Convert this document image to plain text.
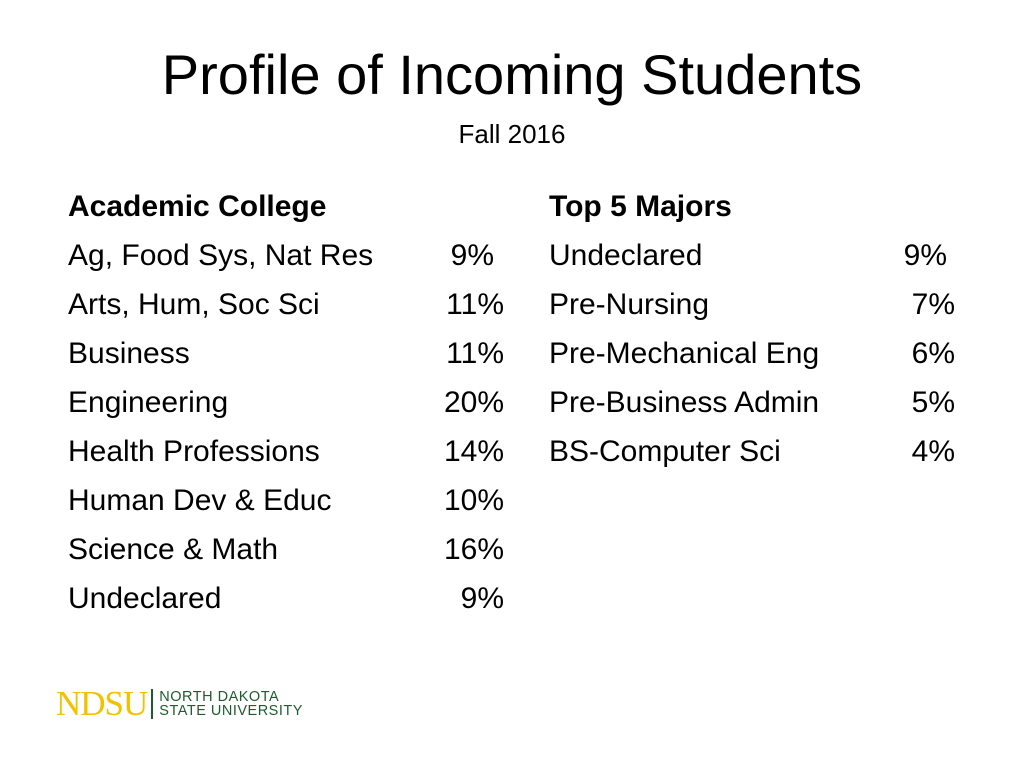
Profile of Incoming Students
Fall 2016
Academic College
Ag, Food Sys, Nat Res	9%
Arts, Hum, Soc Sci	11%
Business	11%
Engineering	20%
Health Professions	14%
Human Dev & Educ	10%
Science & Math	16%
Undeclared	9%
Top 5 Majors
Undeclared	9%
Pre-Nursing	7%
Pre-Mechanical Eng	6%
Pre-Business Admin	5%
BS-Computer Sci	4%
NDSU NORTH DAKOTA
STATE UNIVERSITY
